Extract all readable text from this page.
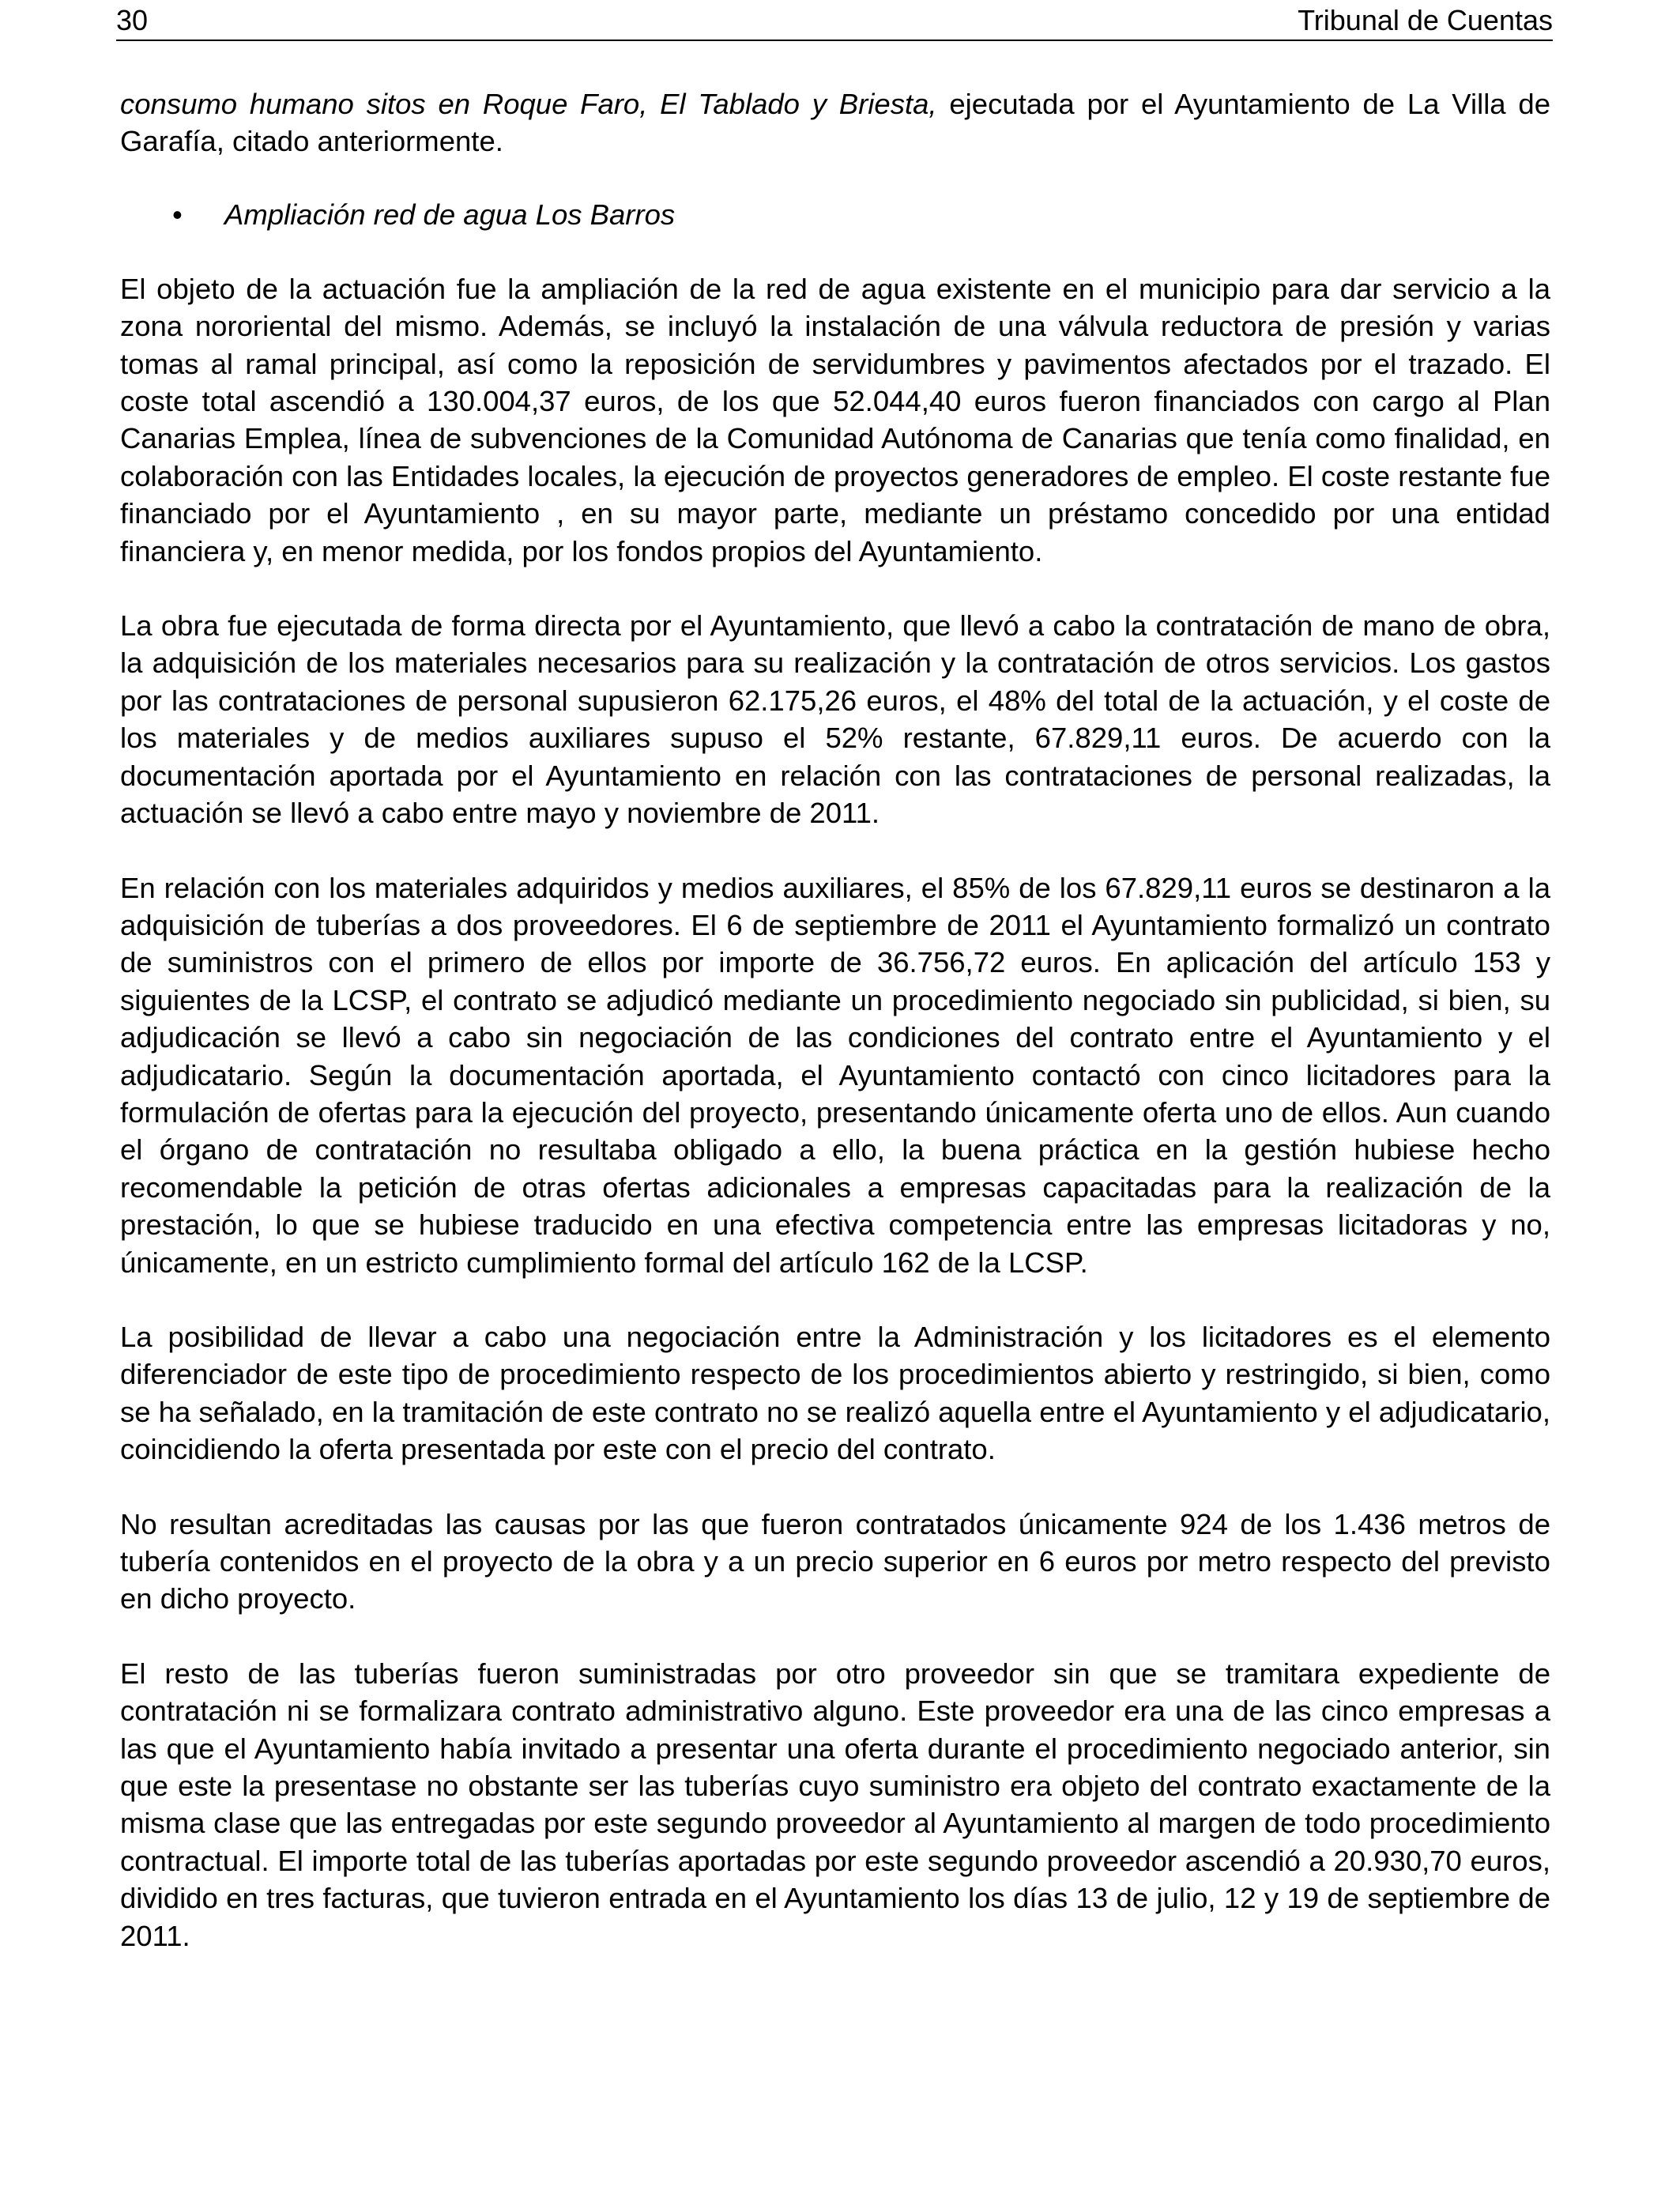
30	Tribunal de Cuentas

consumo humano sitos en Roque Faro, El Tablado y Briesta, ejecutada por el Ayuntamiento de La Villa de Garafía, citado anteriormente.

• Ampliación red de agua Los Barros

El objeto de la actuación fue la ampliación de la red de agua existente en el municipio para dar servicio a la zona nororiental del mismo. Además, se incluyó la instalación de una válvula reductora de presión y varias tomas al ramal principal, así como la reposición de servidumbres y pavimentos afectados por el trazado. El coste total ascendió a 130.004,37 euros, de los que 52.044,40 euros fueron financiados con cargo al Plan Canarias Emplea, línea de subvenciones de la Comunidad Autónoma de Canarias que tenía como finalidad, en colaboración con las Entidades locales, la ejecución de proyectos generadores de empleo. El coste restante fue financiado por el Ayuntamiento , en su mayor parte, mediante un préstamo concedido por una entidad financiera y, en menor medida, por los fondos propios del Ayuntamiento.

La obra fue ejecutada de forma directa por el Ayuntamiento, que llevó a cabo la contratación de mano de obra, la adquisición de los materiales necesarios para su realización y la contratación de otros servicios. Los gastos por las contrataciones de personal supusieron 62.175,26 euros, el 48% del total de la actuación, y el coste de los materiales y de medios auxiliares supuso el 52% restante, 67.829,11 euros. De acuerdo con la documentación aportada por el Ayuntamiento en relación con las contrataciones de personal realizadas, la actuación se llevó a cabo entre mayo y noviembre de 2011.

En relación con los materiales adquiridos y medios auxiliares, el 85% de los 67.829,11 euros se destinaron a la adquisición de tuberías a dos proveedores. El 6 de septiembre de 2011 el Ayuntamiento formalizó un contrato de suministros con el primero de ellos por importe de 36.756,72 euros. En aplicación del artículo 153 y siguientes de la LCSP, el contrato se adjudicó mediante un procedimiento negociado sin publicidad, si bien, su adjudicación se llevó a cabo sin negociación de las condiciones del contrato entre el Ayuntamiento y el adjudicatario. Según la documentación aportada, el Ayuntamiento contactó con cinco licitadores para la formulación de ofertas para la ejecución del proyecto, presentando únicamente oferta uno de ellos. Aun cuando el órgano de contratación no resultaba obligado a ello, la buena práctica en la gestión hubiese hecho recomendable la petición de otras ofertas adicionales a empresas capacitadas para la realización de la prestación, lo que se hubiese traducido en una efectiva competencia entre las empresas licitadoras y no, únicamente, en un estricto cumplimiento formal del artículo 162 de la LCSP.

La posibilidad de llevar a cabo una negociación entre la Administración y los licitadores es el elemento diferenciador de este tipo de procedimiento respecto de los procedimientos abierto y restringido, si bien, como se ha señalado, en la tramitación de este contrato no se realizó aquella entre el Ayuntamiento y el adjudicatario, coincidiendo la oferta presentada por este con el precio del contrato.

No resultan acreditadas las causas por las que fueron contratados únicamente 924 de los 1.436 metros de tubería contenidos en el proyecto de la obra y a un precio superior en 6 euros por metro respecto del previsto en dicho proyecto.

El resto de las tuberías fueron suministradas por otro proveedor sin que se tramitara expediente de contratación ni se formalizara contrato administrativo alguno. Este proveedor era una de las cinco empresas a las que el Ayuntamiento había invitado a presentar una oferta durante el procedimiento negociado anterior, sin que este la presentase no obstante ser las tuberías cuyo suministro era objeto del contrato exactamente de la misma clase que las entregadas por este segundo proveedor al Ayuntamiento al margen de todo procedimiento contractual. El importe total de las tuberías aportadas por este segundo proveedor ascendió a 20.930,70 euros, dividido en tres facturas, que tuvieron entrada en el Ayuntamiento los días 13 de julio, 12 y 19 de septiembre de 2011.
